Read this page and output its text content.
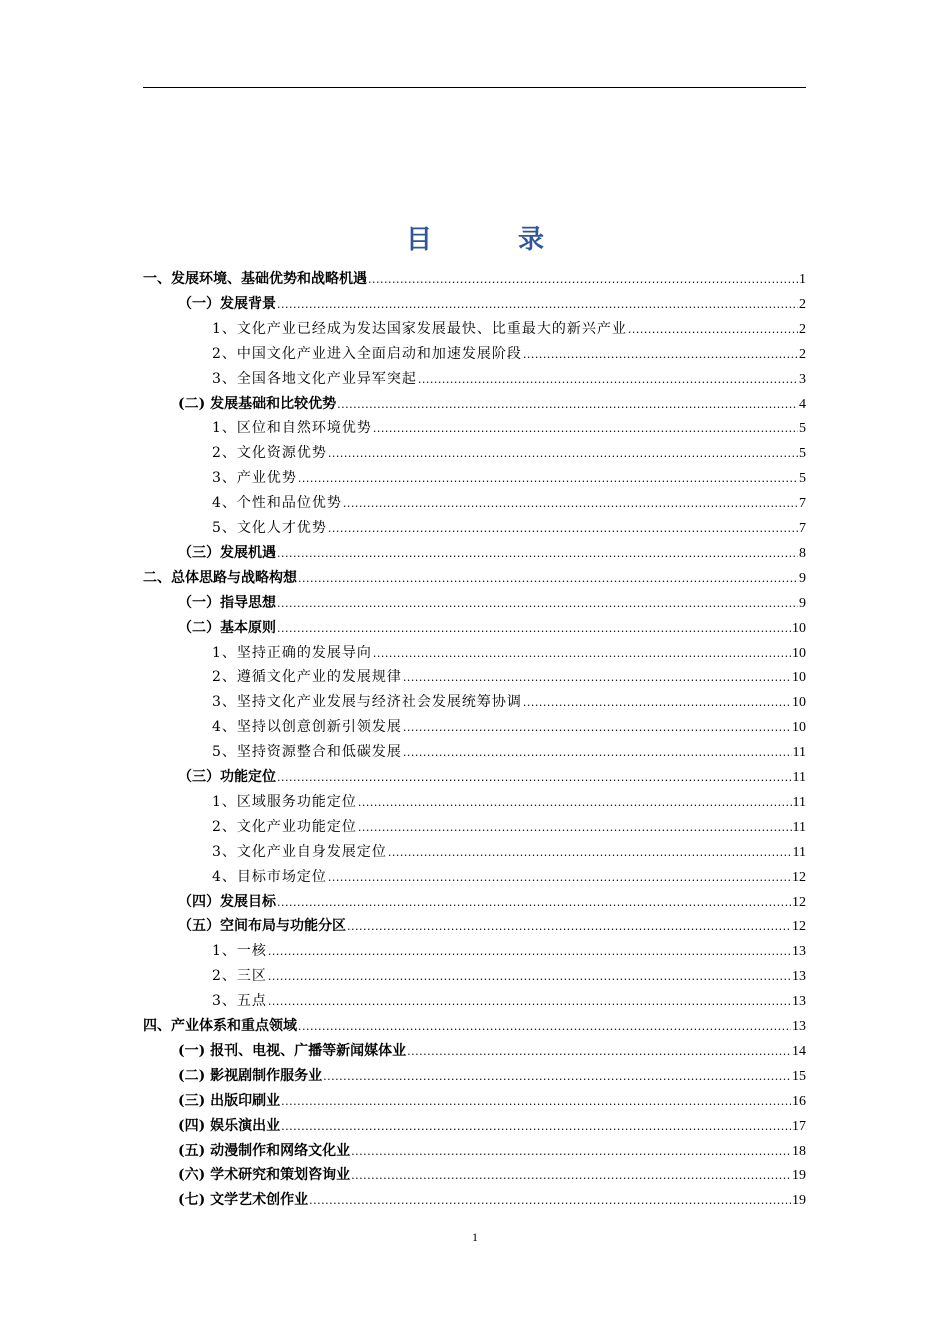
目　录
一、发展环境、基础优势和战略机遇 .....	1
（一）发展背景 .....	2
1、文化产业已经成为发达国家发展最快、比重最大的新兴产业 .....	2
2、中国文化产业进入全面启动和加速发展阶段 .....	2
3、全国各地文化产业异军突起 .....	3
(二) 发展基础和比较优势 .....	4
1、区位和自然环境优势 .....	5
2、文化资源优势 .....	5
3、产业优势 .....	5
4、个性和品位优势 .....	7
5、文化人才优势 .....	7
（三）发展机遇 .....	8
二、总体思路与战略构想 .....	9
（一）指导思想 .....	9
（二）基本原则 .....	10
1、坚持正确的发展导向 .....	10
2、遵循文化产业的发展规律 .....	10
3、坚持文化产业发展与经济社会发展统筹协调 .....	10
4、坚持以创意创新引领发展 .....	10
5、坚持资源整合和低碳发展 .....	11
（三）功能定位 .....	11
1、区域服务功能定位 .....	11
2、文化产业功能定位 .....	11
3、文化产业自身发展定位 .....	11
4、目标市场定位 .....	12
（四）发展目标 .....	12
（五）空间布局与功能分区 .....	12
1、一核 .....	13
2、三区 .....	13
3、五点 .....	13
四、产业体系和重点领域 .....	13
(一) 报刊、电视、广播等新闻媒体业 .....	14
(二) 影视剧制作服务业 .....	15
(三) 出版印刷业 .....	16
(四) 娱乐演出业 .....	17
(五) 动漫制作和网络文化业 .....	18
(六) 学术研究和策划咨询业 .....	19
(七) 文学艺术创作业 .....	19
1
